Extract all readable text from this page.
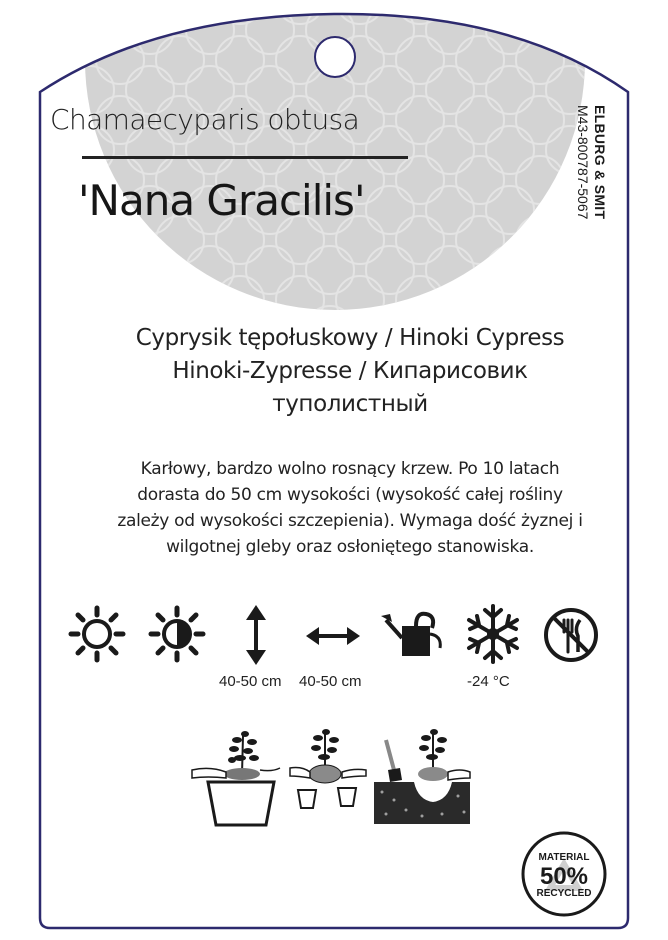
Chamaecyparis obtusa
'Nana Gracilis'	ELBURG & SMIT
M43-800787-5067
Cyprysik tępołuskowy / Hinoki Cypress
Hinoki-Zypresse / Кипарисовик
туполистный
Karłowy, bardzo wolno rosnący krzew. Po 10 latach
dorasta do 50 cm wysokości (wysokość całej rośliny
zależy od wysokości szczepienia). Wymaga dość żyznej i
wilgotnej gleby oraz osłoniętego stanowiska.
40-50 cm 40-50 cm	-24 °C
MATERIAL
50%
RECYCLED
